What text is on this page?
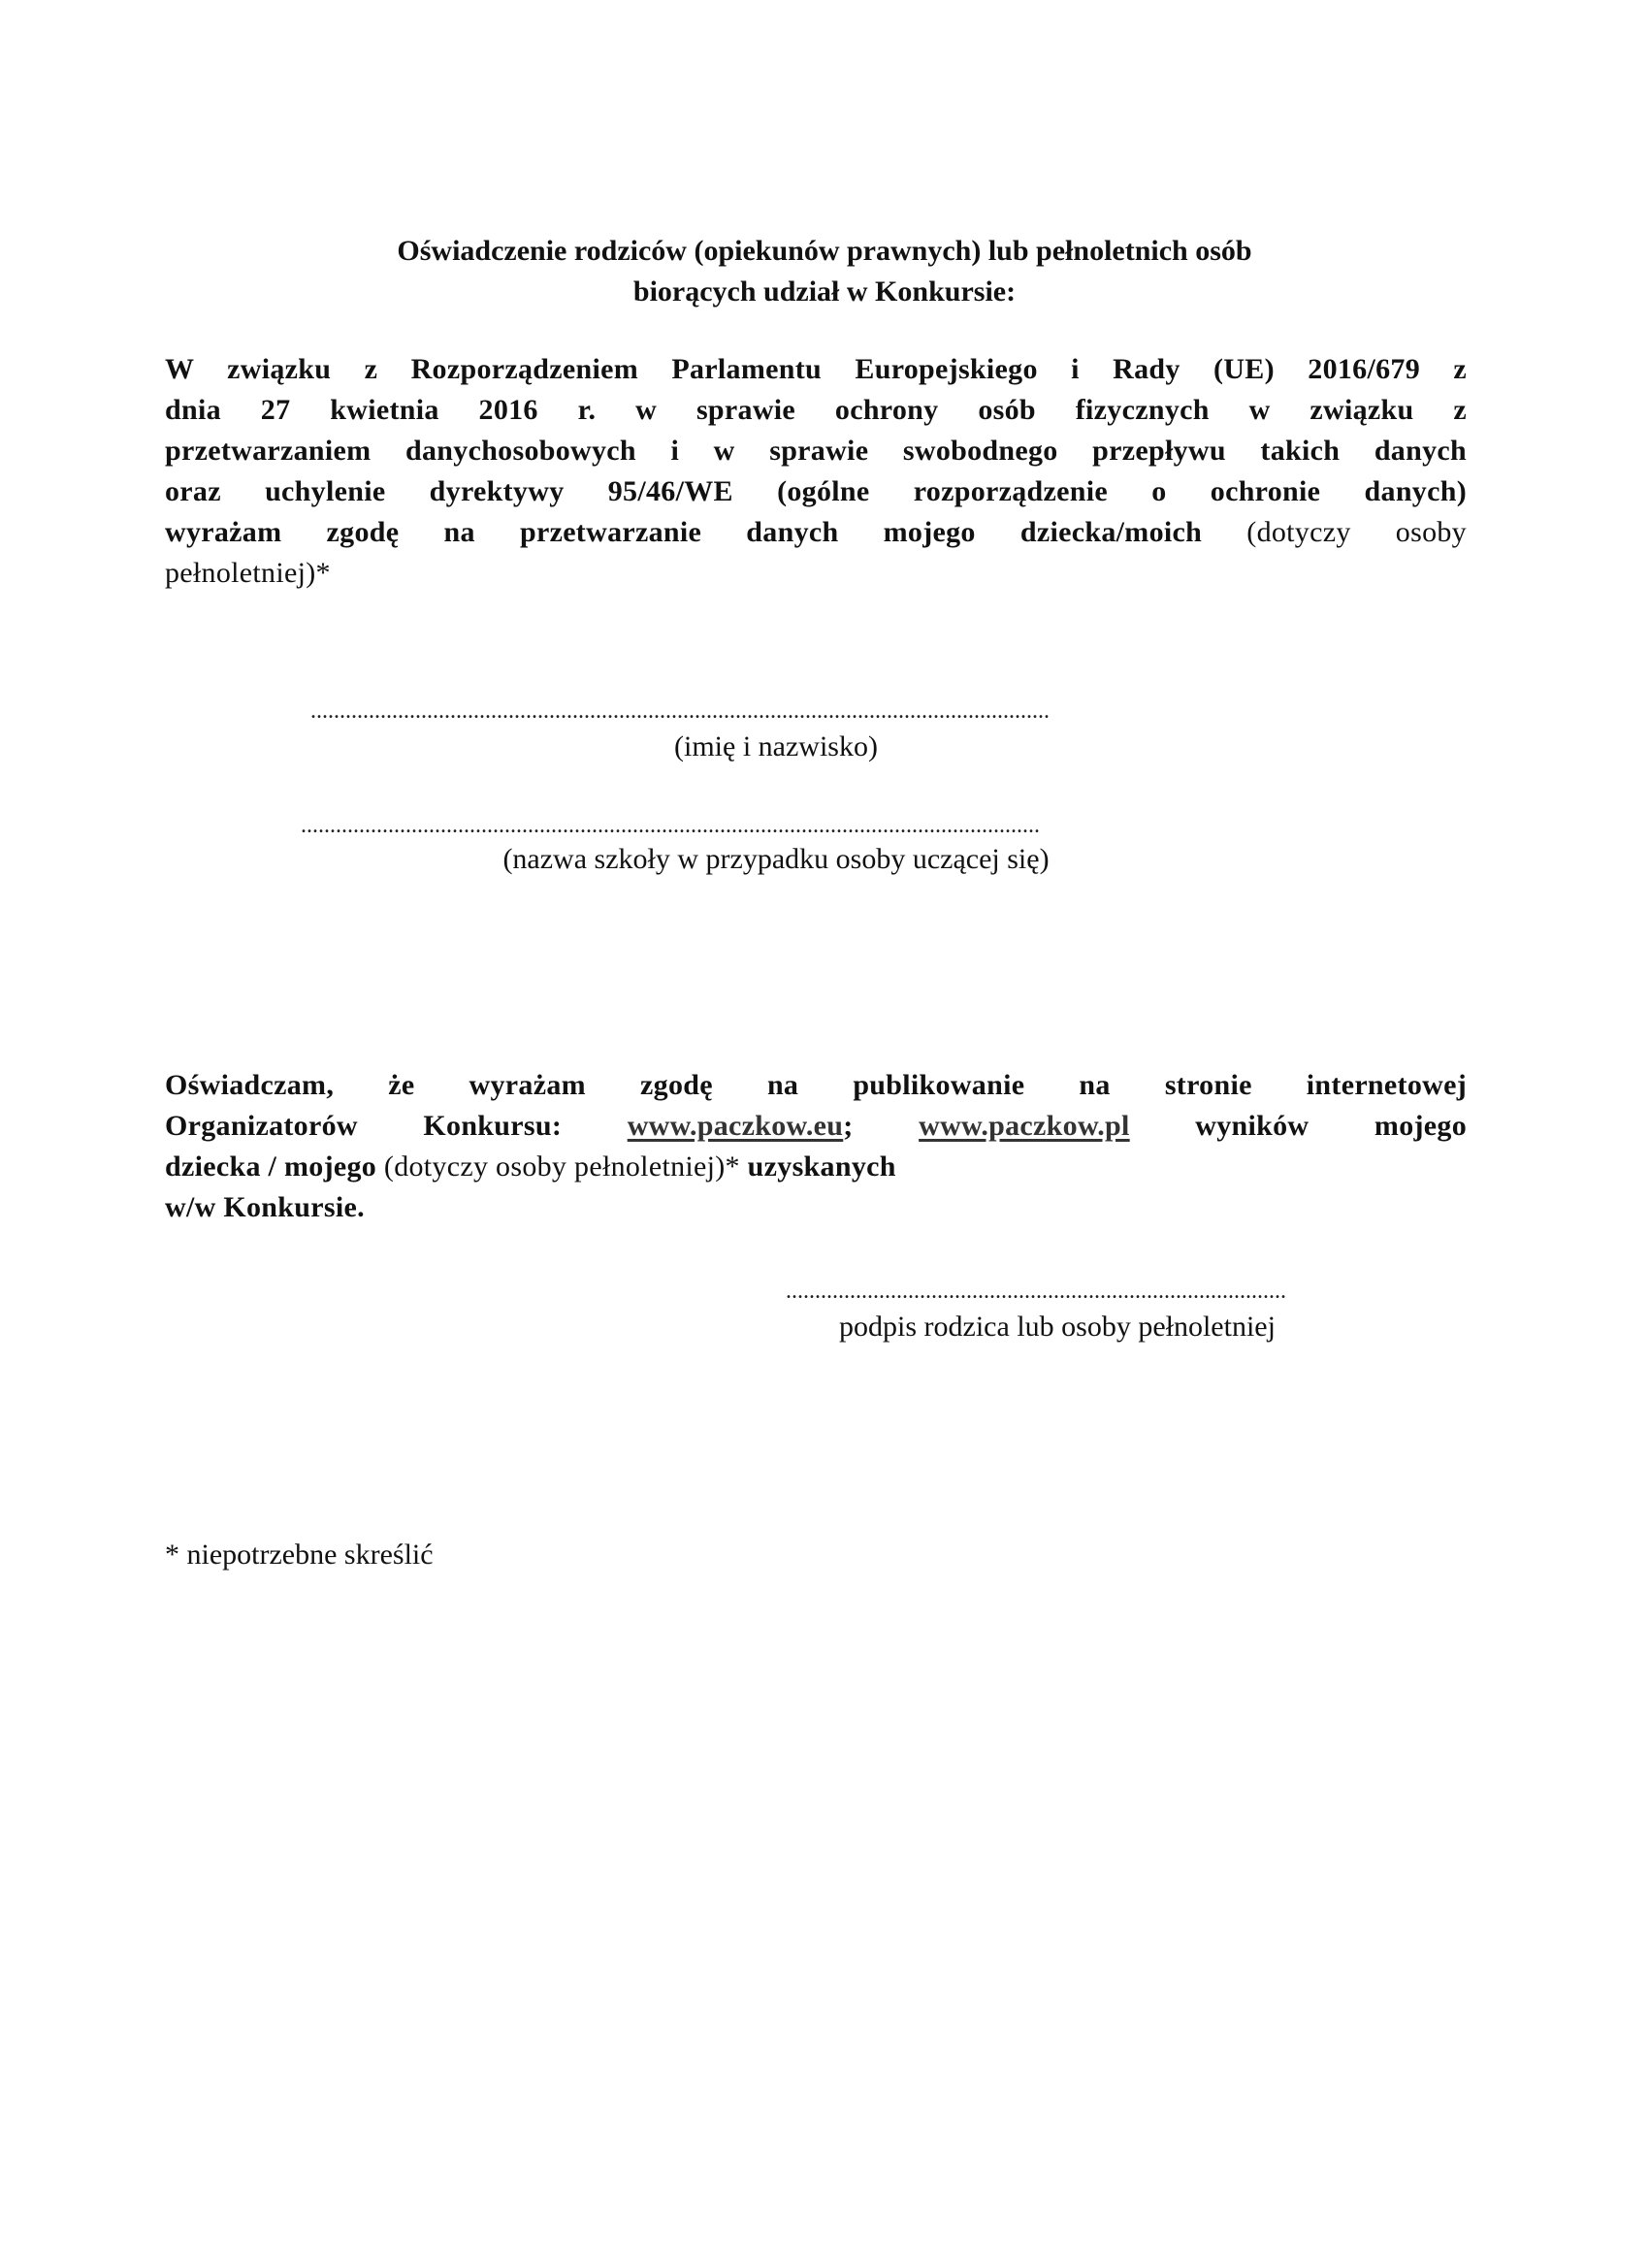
Oświadczenie rodziców (opiekunów prawnych) lub pełnoletnich osób
biorących udział w Konkursie:
W związku z Rozporządzeniem Parlamentu Europejskiego i Rady (UE) 2016/679 z
dnia 27 kwietnia 2016 r. w sprawie ochrony osób fizycznych w związku z
przetwarzaniem danychosobowych i w sprawie swobodnego przepływu takich danych
oraz uchylenie dyrektywy 95/46/WE (ogólne rozporządzenie o ochronie danych)
wyrażam zgodę na przetwarzanie danych mojego dziecka/moich (dotyczy osoby
pełnoletniej)*
...............................................................................................................................
(imię i nazwisko)
...............................................................................................................................
(nazwa szkoły w przypadku osoby uczącej się)
Oświadczam, że wyrażam zgodę na publikowanie na stronie internetowej
Organizatorów Konkursu: www.paczkow.eu; www.paczkow.pl wyników mojego
dziecka / mojego (dotyczy osoby pełnoletniej)* uzyskanych
w/w Konkursie.
......................................................................................
podpis rodzica lub osoby pełnoletniej
* niepotrzebne skreślić
